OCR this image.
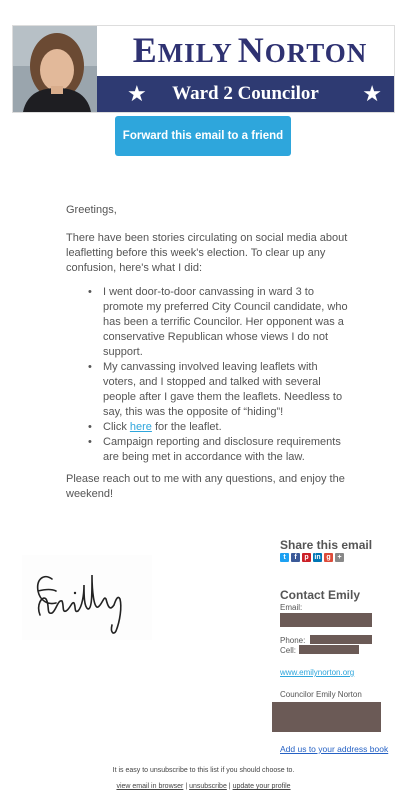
EMILY NORTON
★	Ward 2 Councilor	★
Forward this email to a friend
Greetings,
There have been stories circulating on social media about leafletting before this week's election. To clear up any confusion, here's what I did:
• I went door-to-door canvassing in ward 3 to promote my preferred City Council candidate, who has been a terrific Councilor. Her opponent was a conservative Republican whose views I do not support.
• My canvassing involved leaving leaflets with voters, and I stopped and talked with several people after I gave them the leaflets. Needless to say, this was the opposite of “hiding”!
• Click here for the leaflet.
• Campaign reporting and disclosure requirements are being met in accordance with the law.
Please reach out to me with any questions, and enjoy the weekend!
Share this email
t f p in g +
Contact Emily
Email:
Phone:
Cell:
www.emilynorton.org
Councilor Emily Norton
Add us to your address book
It is easy to unsubscribe to this list if you should choose to.
view email in browser | unsubscribe | update your profile
